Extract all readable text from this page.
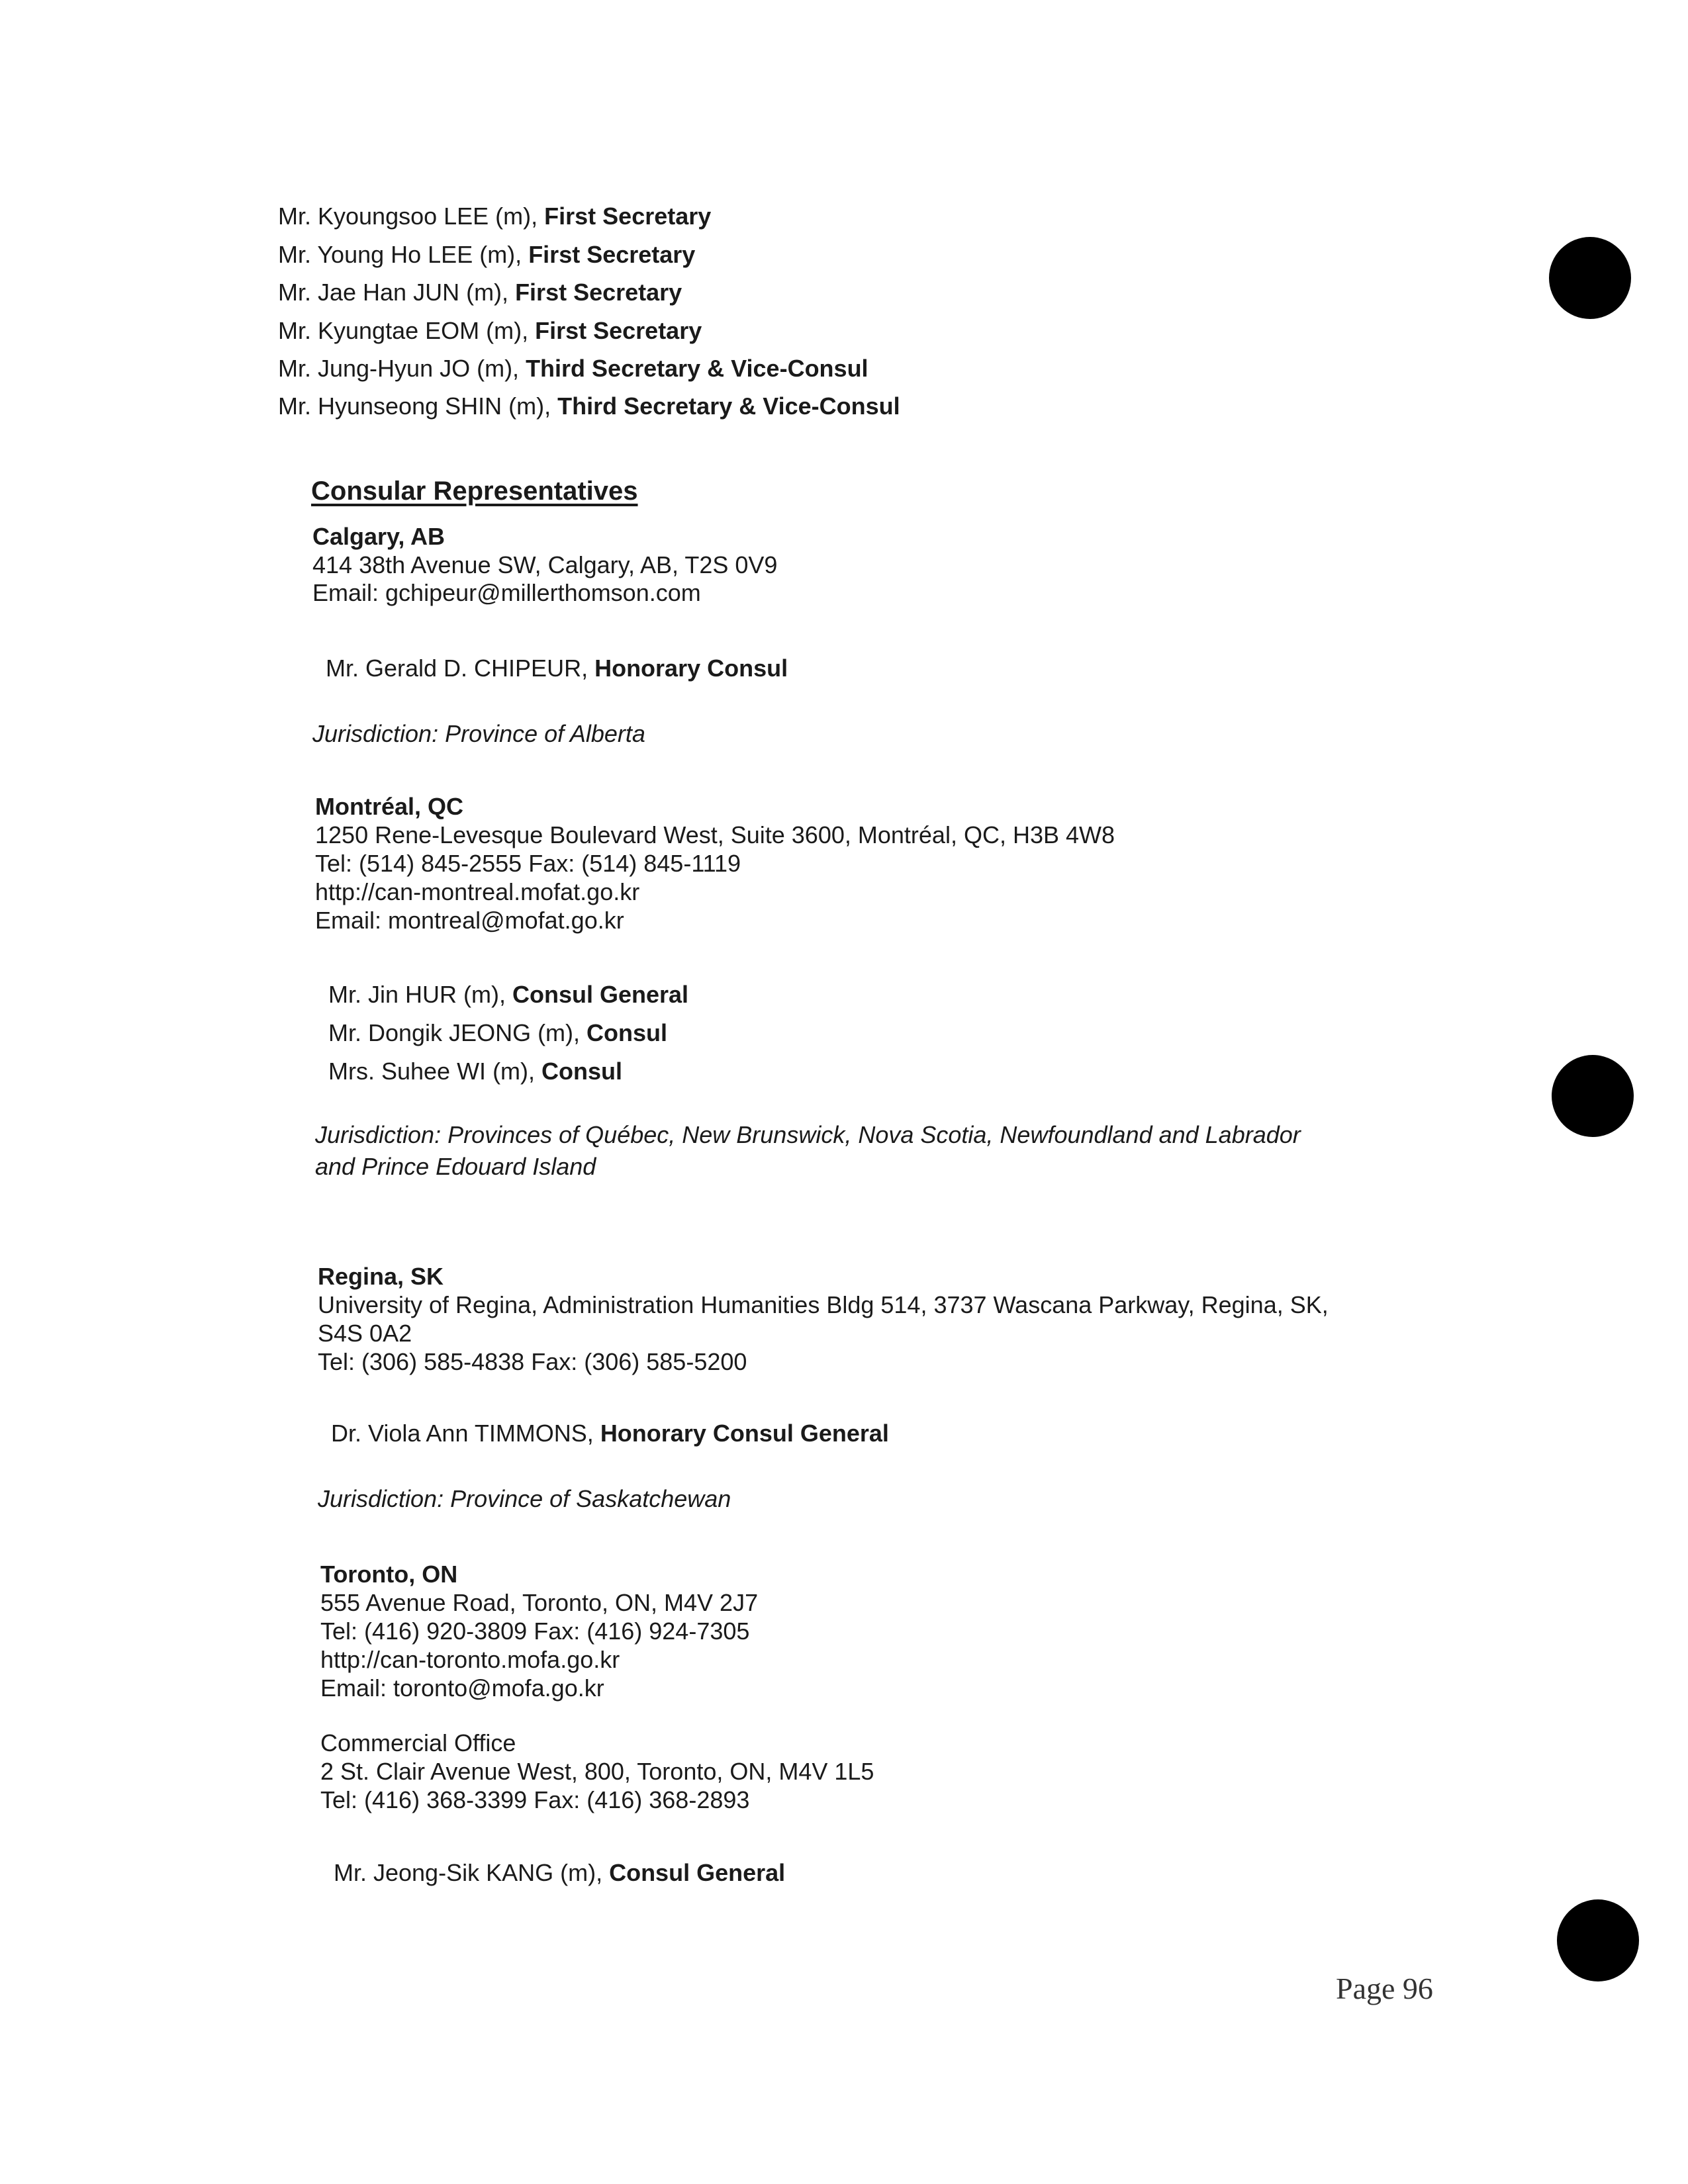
Mr. Kyoungsoo LEE (m), First Secretary
Mr. Young Ho LEE (m), First Secretary
Mr. Jae Han JUN (m), First Secretary
Mr. Kyungtae EOM (m), First Secretary
Mr. Jung-Hyun JO (m), Third Secretary & Vice-Consul
Mr. Hyunseong SHIN (m), Third Secretary & Vice-Consul
Consular Representatives
Calgary, AB
414 38th Avenue SW, Calgary, AB, T2S 0V9
Email: gchipeur@millerthomson.com
Mr. Gerald D. CHIPEUR, Honorary Consul
Jurisdiction: Province of Alberta
Montréal, QC
1250 Rene-Levesque Boulevard West, Suite 3600, Montréal, QC, H3B 4W8
Tel: (514) 845-2555 Fax: (514) 845-1119
http://can-montreal.mofat.go.kr
Email: montreal@mofat.go.kr
Mr. Jin HUR (m), Consul General
Mr. Dongik JEONG (m), Consul
Mrs. Suhee WI (m), Consul
Jurisdiction: Provinces of Québec, New Brunswick, Nova Scotia, Newfoundland and Labrador
and Prince Edouard Island
Regina, SK
University of Regina, Administration Humanities Bldg 514, 3737 Wascana Parkway, Regina, SK,
S4S 0A2
Tel: (306) 585-4838 Fax: (306) 585-5200
Dr. Viola Ann TIMMONS, Honorary Consul General
Jurisdiction: Province of Saskatchewan
Toronto, ON
555 Avenue Road, Toronto, ON, M4V 2J7
Tel: (416) 920-3809 Fax: (416) 924-7305
http://can-toronto.mofa.go.kr
Email: toronto@mofa.go.kr
Commercial Office
2 St. Clair Avenue West, 800, Toronto, ON, M4V 1L5
Tel: (416) 368-3399 Fax: (416) 368-2893
Mr. Jeong-Sik KANG (m), Consul General
Page 96
